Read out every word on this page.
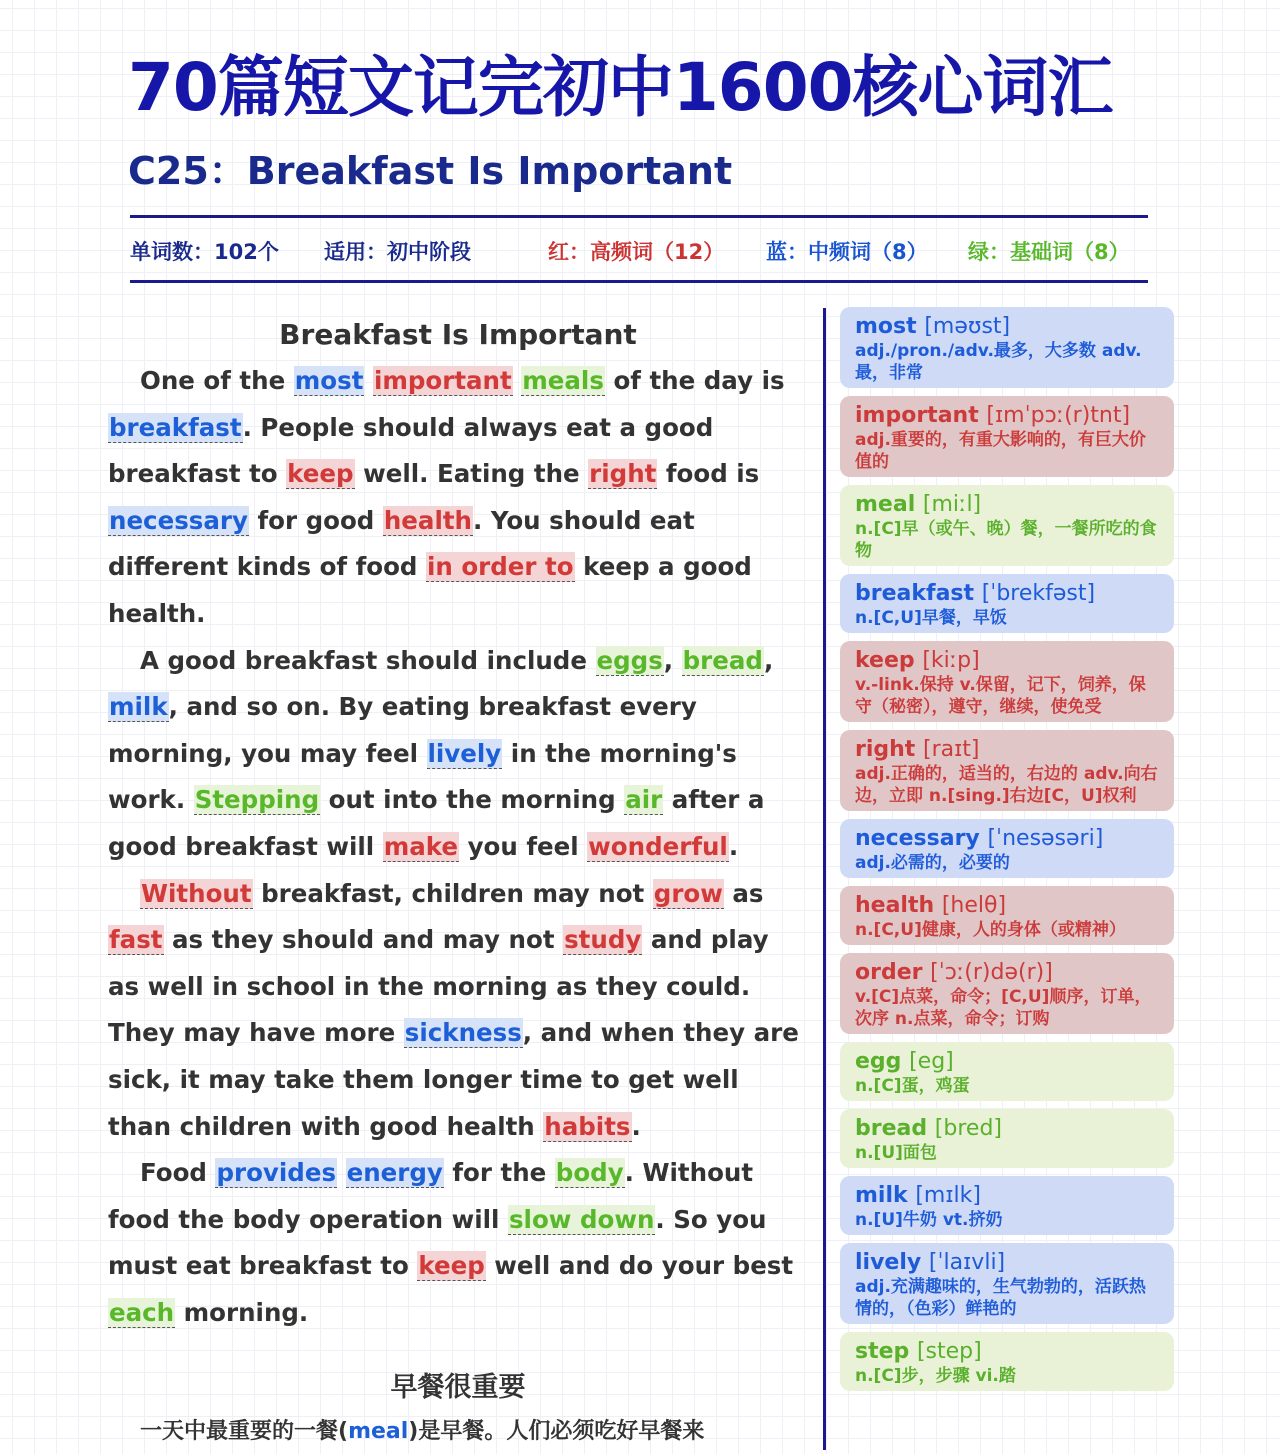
70篇短文记完初中1600核心词汇
C25：Breakfast Is Important
单词数：102个 适用：初中阶段	红：高频词（12） 蓝：中频词（8） 绿：基础词（8）
Breakfast Is Important

One of the most important meals of the day is breakfast. People should always eat a good breakfast to keep well. Eating the right food is necessary for good health. You should eat different kinds of food in order to keep a good health.

A good breakfast should include eggs, bread, milk, and so on. By eating breakfast every morning, you may feel lively in the morning's work. Stepping out into the morning air after a good breakfast will make you feel wonderful.

Without breakfast, children may not grow as fast as they should and may not study and play as well in school in the morning as they could. They may have more sickness, and when they are sick, it may take them longer time to get well than children with good health habits.

Food provides energy for the body. Without food the body operation will slow down. So you must eat breakfast to keep well and do your best each morning.

早餐很重要

一天中最重要的一餐(meal)是早餐。人们必须吃好早餐来

most [məʊst]
adj./pron./adv.最多，大多数 adv.最，非常
important [ɪmˈpɔː(r)tnt]
adj.重要的，有重大影响的，有巨大价值的
meal [miːl]
n.[C]早（或午、晚）餐，一餐所吃的食物
breakfast [ˈbrekfəst]
n.[C,U]早餐，早饭
keep [kiːp]
v.-link.保持 v.保留，记下，饲养，保守（秘密），遵守，继续，使免受
right [raɪt]
adj.正确的，适当的，右边的 adv.向右边，立即 n.[sing.]右边[C，U]权利
necessary [ˈnesəsəri]
adj.必需的，必要的
health [helθ]
n.[C,U]健康，人的身体（或精神）
order [ˈɔː(r)də(r)]
v.[C]点菜，命令；[C,U]顺序，订单，次序 n.点菜，命令；订购
egg [eg]
n.[C]蛋，鸡蛋
bread [bred]
n.[U]面包
milk [mɪlk]
n.[U]牛奶 vt.挤奶
lively [ˈlaɪvli]
adj.充满趣味的，生气勃勃的，活跃热情的，（色彩）鲜艳的
step [step]
n.[C]步，步骤 vi.踏
